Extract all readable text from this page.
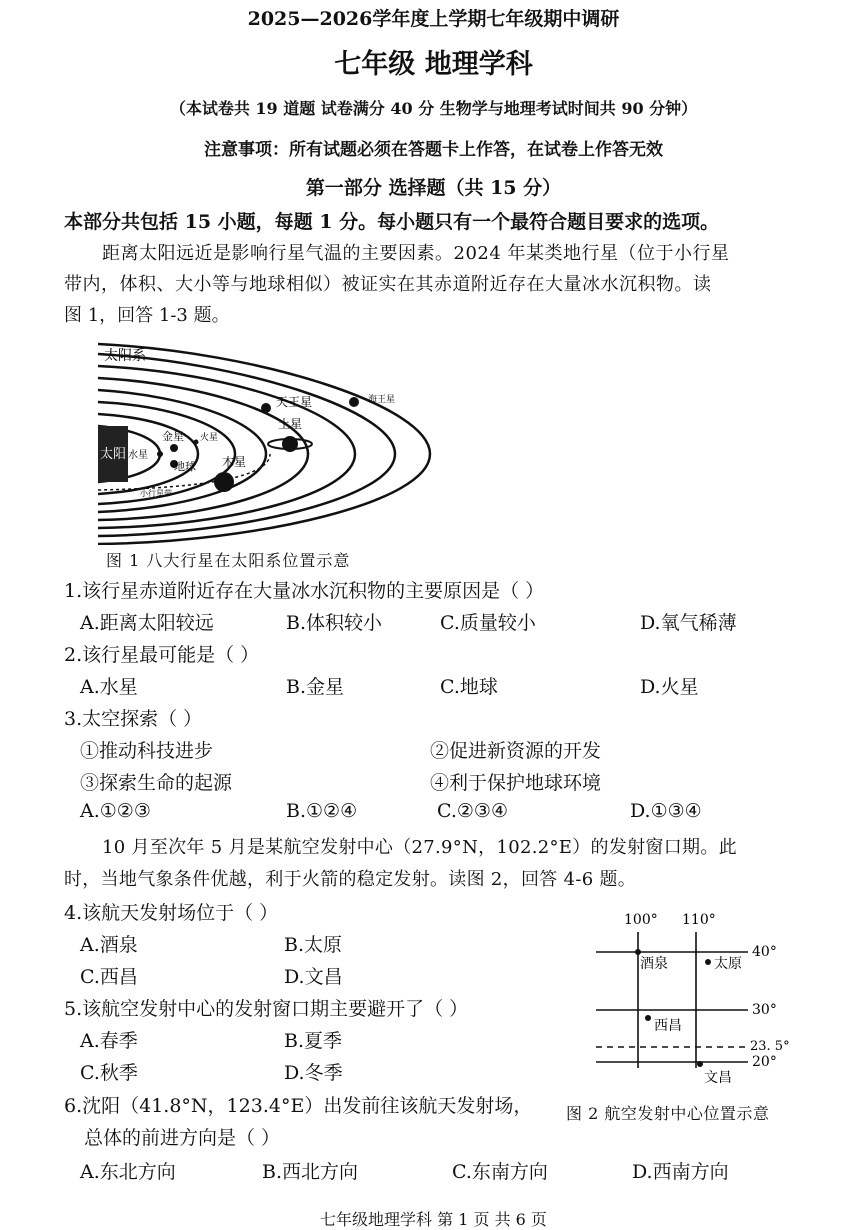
2025—2026学年度上学期七年级期中调研
七年级 地理学科
（本试卷共 19 道题 试卷满分 40 分 生物学与地理考试时间共 90 分钟）
注意事项：所有试题必须在答题卡上作答，在试卷上作答无效
第一部分 选择题（共 15 分）
本部分共包括 15 小题，每题 1 分。每小题只有一个最符合题目要求的选项。
距离太阳远近是影响行星气温的主要因素。2024 年某类地行星（位于小行星
带内，体积、大小等与地球相似）被证实在其赤道附近存在大量冰水沉积物。读
图 1，回答 1-3 题。
太阳系
太阳 水星
金星
地球
火星
小行星带
木星
土星
天王星	海王星
图 1 八大行星在太阳系位置示意
1.该行星赤道附近存在大量冰水沉积物的主要原因是（ ）
A.距离太阳较远	B.体积较小	C.质量较小	D.氧气稀薄
2.该行星最可能是（ ）
A.水星	B.金星	C.地球	D.火星
3.太空探索（ ）
①推动科技进步	②促进新资源的开发
③探索生命的起源	④利于保护地球环境
A.①②③	B.①②④	C.②③④	D.①③④
10 月至次年 5 月是某航空发射中心（27.9°N，102.2°E）的发射窗口期。此
时，当地气象条件优越，利于火箭的稳定发射。读图 2，回答 4-6 题。
4.该航天发射场位于（ ）
A.酒泉	B.太原
C.西昌	D.文昌
5.该航空发射中心的发射窗口期主要避开了（ ）
A.春季	B.夏季
C.秋季	D.冬季
6.沈阳（41.8°N，123.4°E）出发前往该航天发射场，
总体的前进方向是（ ）
A.东北方向	B.西北方向	C.东南方向	D.西南方向
100° 110°
40°
30°
23. 5°
20°
酒泉	太原
西昌
文昌
图 2 航空发射中心位置示意
七年级地理学科 第 1 页 共 6 页
